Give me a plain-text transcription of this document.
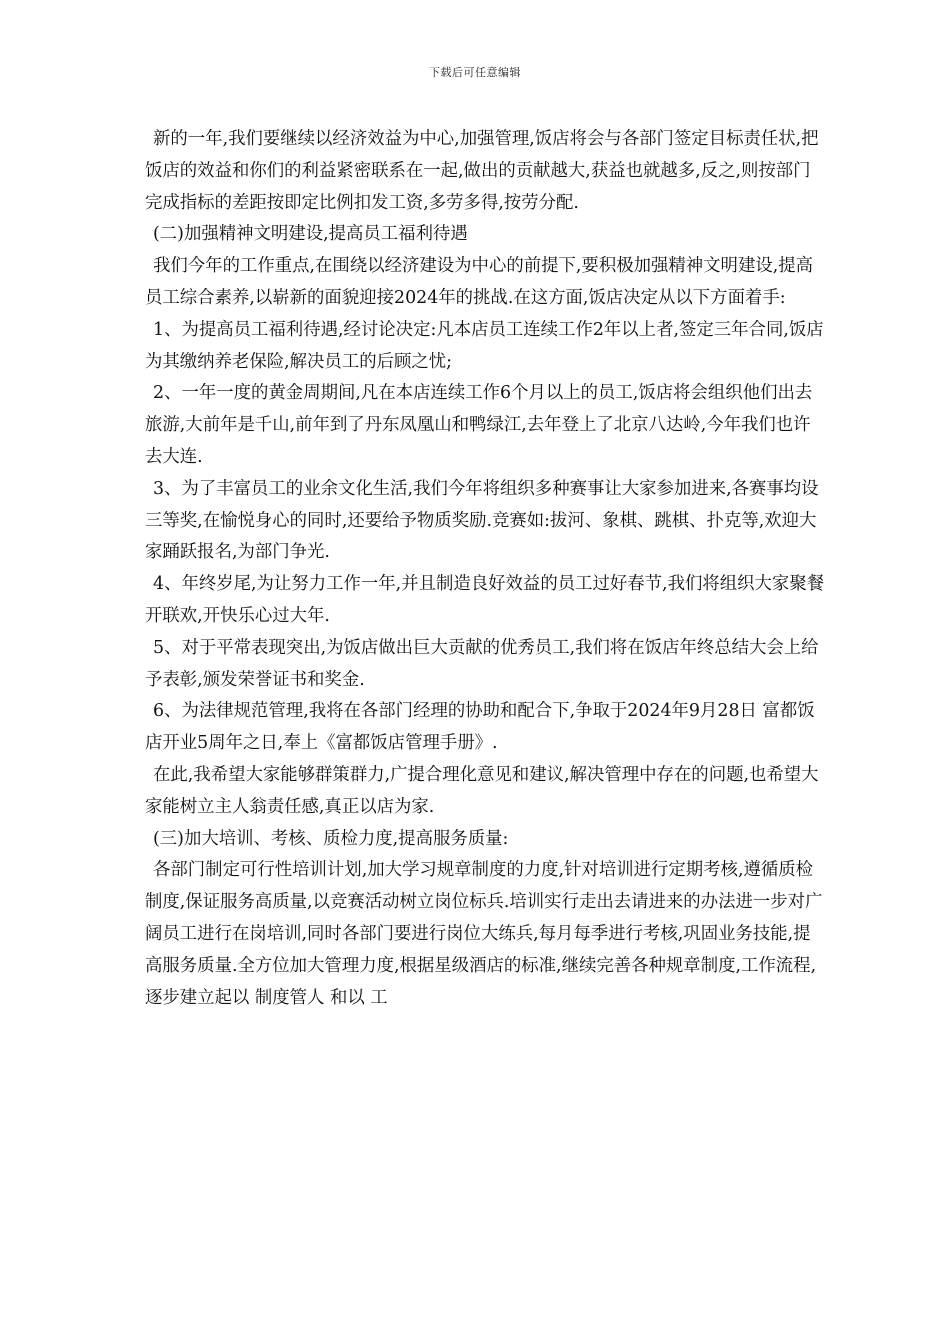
下载后可任意编辑

新的一年,我们要继续以经济效益为中心,加强管理,饭店将会与各部门签定目标责任状,把饭店的效益和你们的利益紧密联系在一起,做出的贡献越大,获益也就越多,反之,则按部门完成指标的差距按即定比例扣发工资,多劳多得,按劳分配.

(二)加强精神文明建设,提高员工福利待遇

我们今年的工作重点,在围绕以经济建设为中心的前提下,要积极加强精神文明建设,提高员工综合素养,以崭新的面貌迎接2024年的挑战.在这方面,饭店决定从以下方面着手:

1、为提高员工福利待遇,经讨论决定:凡本店员工连续工作2年以上者,签定三年合同,饭店为其缴纳养老保险,解决员工的后顾之忧;

2、一年一度的黄金周期间,凡在本店连续工作6个月以上的员工,饭店将会组织他们出去旅游,大前年是千山,前年到了丹东凤凰山和鸭绿江,去年登上了北京八达岭,今年我们也许去大连.

3、为了丰富员工的业余文化生活,我们今年将组织多种赛事让大家参加进来,各赛事均设三等奖,在愉悦身心的同时,还要给予物质奖励.竞赛如:拔河、象棋、跳棋、扑克等,欢迎大家踊跃报名,为部门争光.

4、年终岁尾,为让努力工作一年,并且制造良好效益的员工过好春节,我们将组织大家聚餐开联欢,开快乐心过大年.

5、对于平常表现突出,为饭店做出巨大贡献的优秀员工,我们将在饭店年终总结大会上给予表彰,颁发荣誉证书和奖金.

6、为法律规范管理,我将在各部门经理的协助和配合下,争取于2024年9月28日 富都饭店开业5周年之日,奉上《富都饭店管理手册》.

在此,我希望大家能够群策群力,广提合理化意见和建议,解决管理中存在的问题,也希望大家能树立主人翁责任感,真正以店为家.

(三)加大培训、考核、质检力度,提高服务质量:

各部门制定可行性培训计划,加大学习规章制度的力度,针对培训进行定期考核,遵循质检制度,保证服务高质量,以竞赛活动树立岗位标兵.培训实行走出去请进来的办法进一步对广阔员工进行在岗培训,同时各部门要进行岗位大练兵,每月每季进行考核,巩固业务技能,提高服务质量.全方位加大管理力度,根据星级酒店的标准,继续完善各种规章制度,工作流程,逐步建立起以 制度管人 和以 工
